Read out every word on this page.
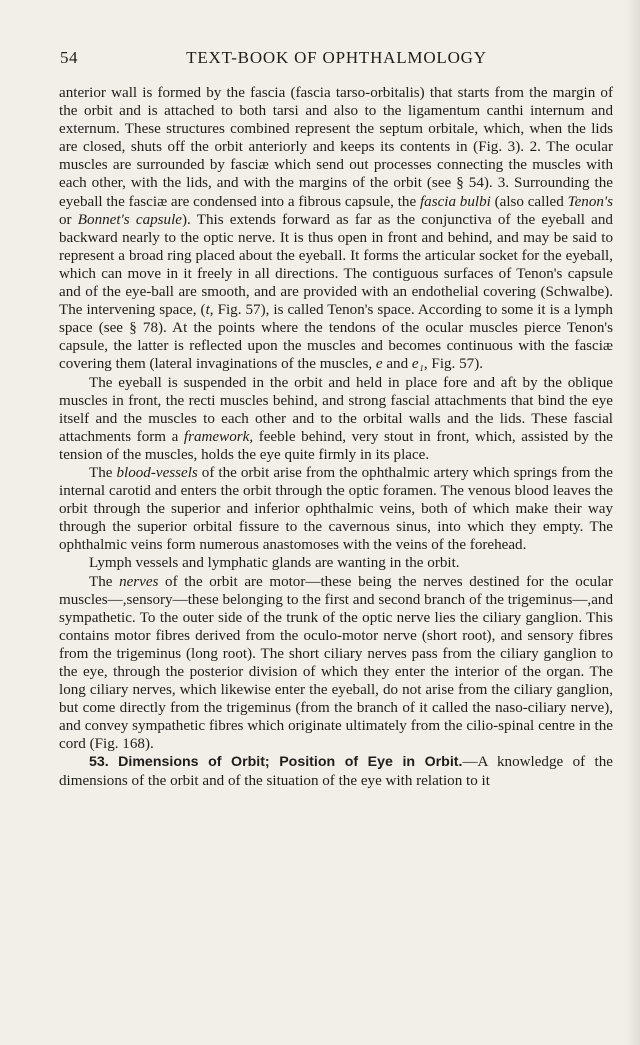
54	TEXT-BOOK OF OPHTHALMOLOGY

anterior wall is formed by the fascia (fascia tarso-orbitalis) that starts from the margin of the orbit and is attached to both tarsi and also to the ligamentum canthi internum and externum. These structures combined represent the septum orbitale, which, when the lids are closed, shuts off the orbit anteriorly and keeps its contents in (Fig. 3). 2. The ocular muscles are surrounded by fasciæ which send out processes connecting the muscles with each other, with the lids, and with the margins of the orbit (see § 54). 3. Surrounding the eyeball the fasciæ are condensed into a fibrous capsule, the fascia bulbi (also called Tenon's or Bonnet's capsule). This extends forward as far as the conjunctiva of the eyeball and backward nearly to the optic nerve. It is thus open in front and behind, and may be said to represent a broad ring placed about the eyeball. It forms the articular socket for the eyeball, which can move in it freely in all directions. The contiguous surfaces of Tenon's capsule and of the eye-ball are smooth, and are provided with an endothelial covering (Schwalbe). The intervening space, (t, Fig. 57), is called Tenon's space. According to some it is a lymph space (see § 78). At the points where the tendons of the ocular muscles pierce Tenon's capsule, the latter is reflected upon the muscles and becomes continuous with the fasciæ covering them (lateral invaginations of the muscles, e and e₁, Fig. 57).

The eyeball is suspended in the orbit and held in place fore and aft by the oblique muscles in front, the recti muscles behind, and strong fascial attachments that bind the eye itself and the muscles to each other and to the orbital walls and the lids. These fascial attachments form a framework, feeble behind, very stout in front, which, assisted by the tension of the muscles, holds the eye quite firmly in its place.

The blood-vessels of the orbit arise from the ophthalmic artery which springs from the internal carotid and enters the orbit through the optic foramen. The venous blood leaves the orbit through the superior and inferior ophthalmic veins, both of which make their way through the superior orbital fissure to the cavernous sinus, into which they empty. The ophthalmic veins form numerous anastomoses with the veins of the forehead.

Lymph vessels and lymphatic glands are wanting in the orbit.

The nerves of the orbit are motor—these being the nerves destined for the ocular muscles—,sensory—these belonging to the first and second branch of the trigeminus—,and sympathetic. To the outer side of the trunk of the optic nerve lies the ciliary ganglion. This contains motor fibres derived from the oculo-motor nerve (short root), and sensory fibres from the trigeminus (long root). The short ciliary nerves pass from the ciliary ganglion to the eye, through the posterior division of which they enter the interior of the organ. The long ciliary nerves, which likewise enter the eyeball, do not arise from the ciliary ganglion, but come directly from the trigeminus (from the branch of it called the naso-ciliary nerve), and convey sympathetic fibres which originate ultimately from the cilio-spinal centre in the cord (Fig. 168).

53. Dimensions of Orbit; Position of Eye in Orbit.—A knowledge of the dimensions of the orbit and of the situation of the eye with relation to it
